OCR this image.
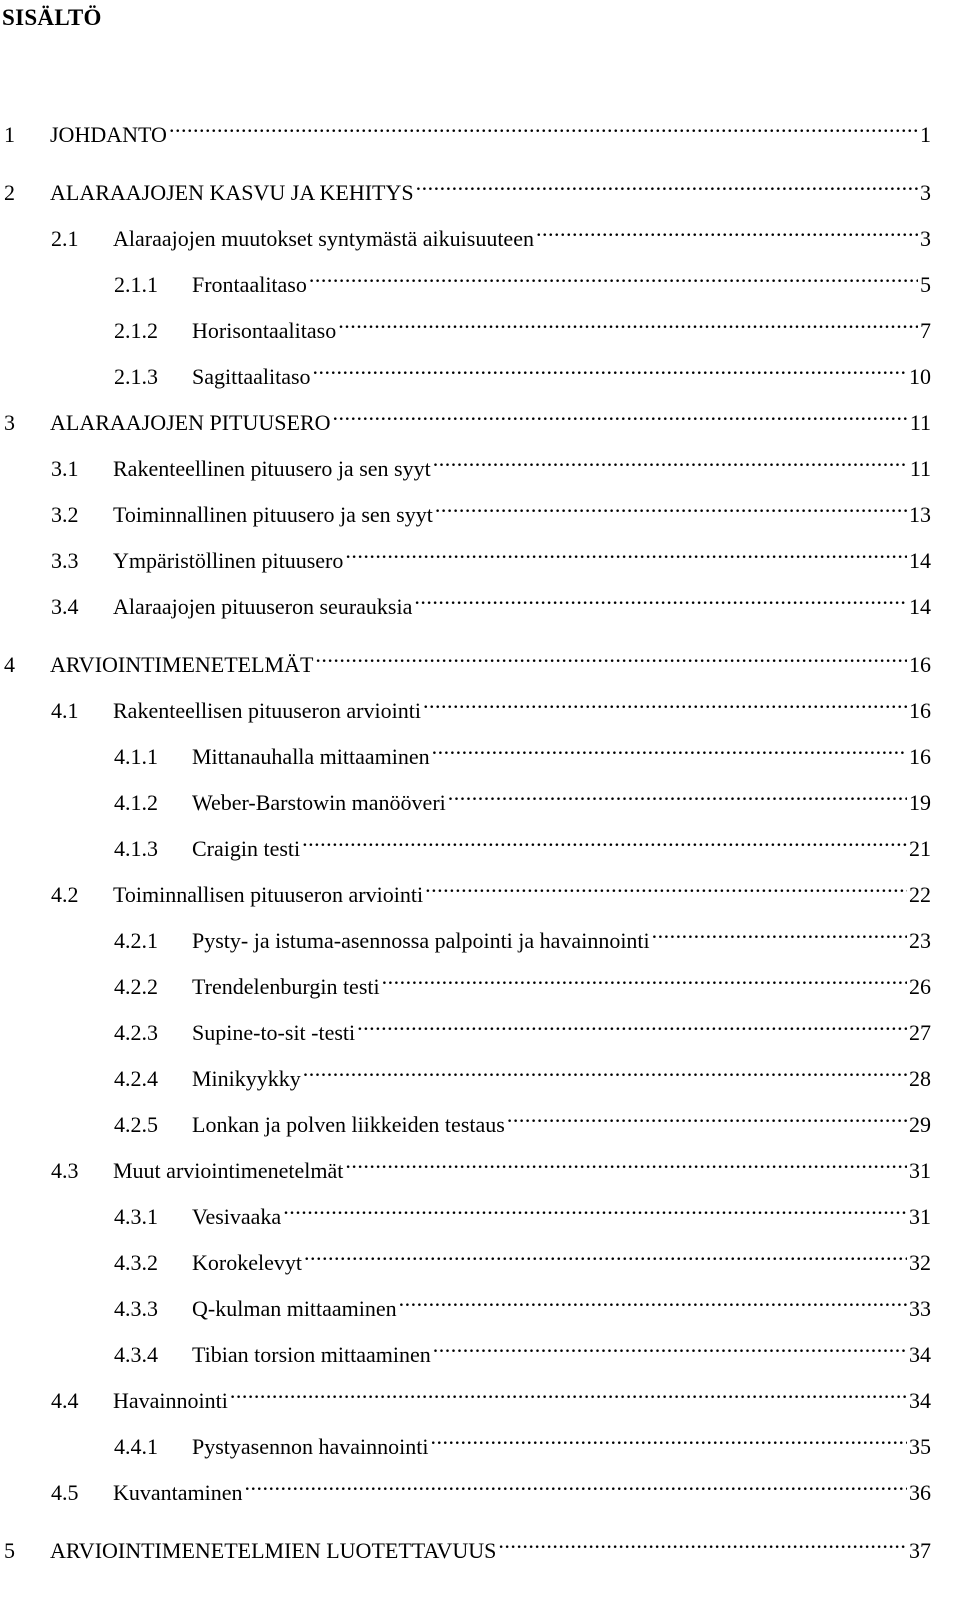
SISÄLTÖ
1	JOHDANTO .....	1
2	ALARAAJOJEN KASVU JA KEHITYS .....	3
2.1	Alaraajojen muutokset syntymästä aikuisuuteen .....	3
2.1.1	Frontaalitaso .....	5
2.1.2	Horisontaalitaso .....	7
2.1.3	Sagittaalitaso .....	10
3	ALARAAJOJEN PITUUSERO .....	11
3.1	Rakenteellinen pituusero ja sen syyt .....	11
3.2	Toiminnallinen pituusero ja sen syyt .....	13
3.3	Ympäristöllinen pituusero .....	14
3.4	Alaraajojen pituuseron seurauksia .....	14
4	ARVIOINTIMENETELMÄT .....	16
4.1	Rakenteellisen pituuseron arviointi .....	16
4.1.1	Mittanauhalla mittaaminen .....	16
4.1.2	Weber-Barstowin manööveri .....	19
4.1.3	Craigin testi .....	21
4.2	Toiminnallisen pituuseron arviointi .....	22
4.2.1	Pysty- ja istuma-asennossa palpointi ja havainnointi .....	23
4.2.2	Trendelenburgin testi .....	26
4.2.3	Supine-to-sit -testi .....	27
4.2.4	Minikyykky .....	28
4.2.5	Lonkan ja polven liikkeiden testaus .....	29
4.3	Muut arviointimenetelmät .....	31
4.3.1	Vesivaaka .....	31
4.3.2	Korokelevyt .....	32
4.3.3	Q-kulman mittaaminen .....	33
4.3.4	Tibian torsion mittaaminen .....	34
4.4	Havainnointi .....	34
4.4.1	Pystyasennon havainnointi .....	35
4.5	Kuvantaminen .....	36
5	ARVIOINTIMENETELMIEN LUOTETTAVUUS .....	37
